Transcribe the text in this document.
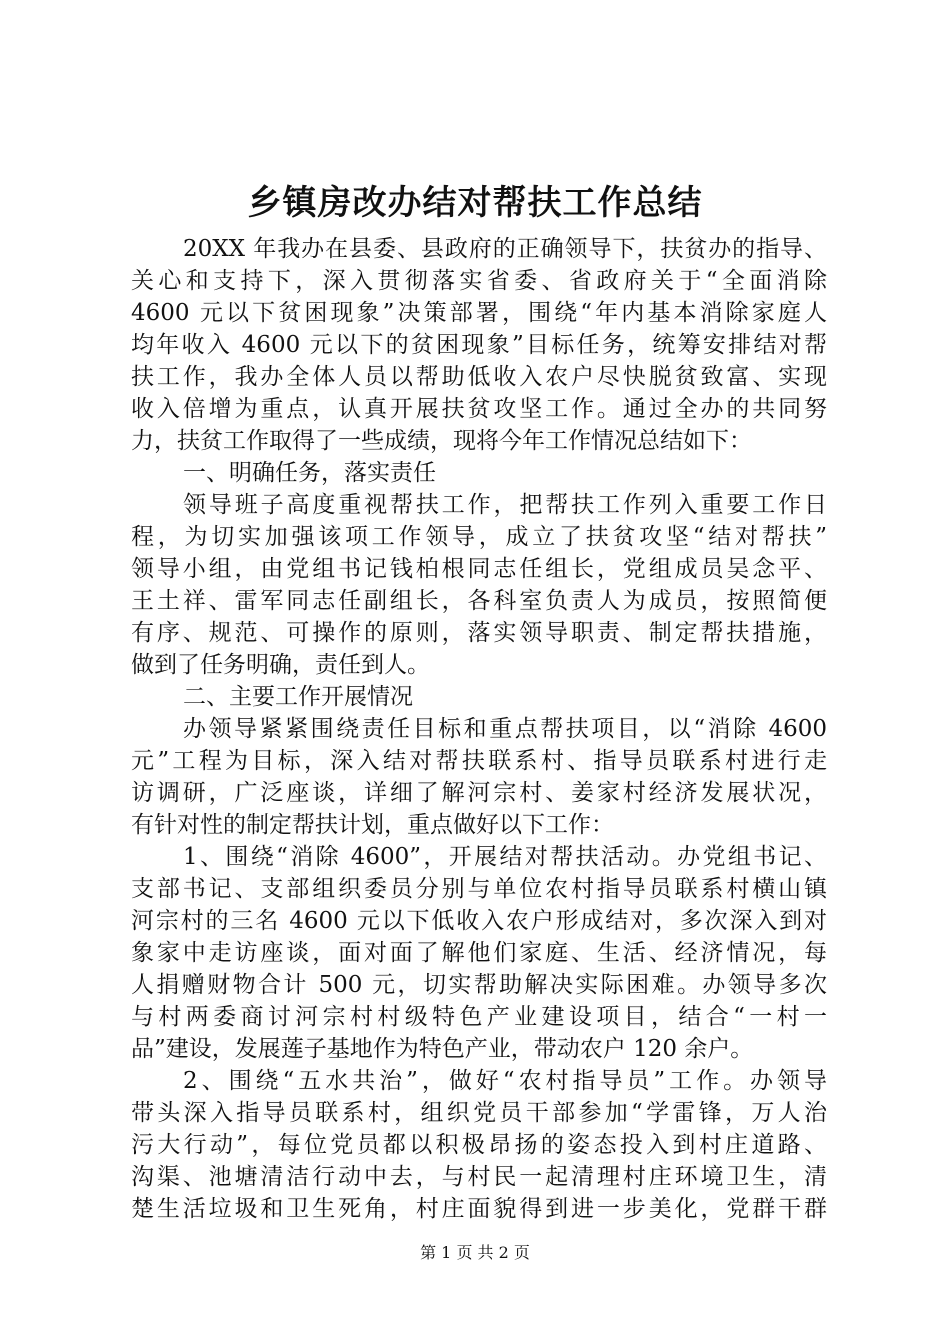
乡镇房改办结对帮扶工作总结
20XX 年我办在县委、县政府的正确领导下，扶贫办的指导、
关心和支持下，深入贯彻落实省委、省政府关于“全面消除
4600 元以下贫困现象”决策部署，围绕“年内基本消除家庭人
均年收入 4600 元以下的贫困现象”目标任务，统筹安排结对帮
扶工作，我办全体人员以帮助低收入农户尽快脱贫致富、实现
收入倍增为重点，认真开展扶贫攻坚工作。通过全办的共同努
力，扶贫工作取得了一些成绩，现将今年工作情况总结如下：
一、明确任务，落实责任
领导班子高度重视帮扶工作，把帮扶工作列入重要工作日
程，为切实加强该项工作领导，成立了扶贫攻坚“结对帮扶”
领导小组，由党组书记钱柏根同志任组长，党组成员吴念平、
王土祥、雷军同志任副组长，各科室负责人为成员，按照简便
有序、规范、可操作的原则，落实领导职责、制定帮扶措施，
做到了任务明确，责任到人。
二、主要工作开展情况
办领导紧紧围绕责任目标和重点帮扶项目，以“消除 4600
元”工程为目标，深入结对帮扶联系村、指导员联系村进行走
访调研，广泛座谈，详细了解河宗村、姜家村经济发展状况，
有针对性的制定帮扶计划，重点做好以下工作：
1、围绕“消除 4600”，开展结对帮扶活动。办党组书记、
支部书记、支部组织委员分别与单位农村指导员联系村横山镇
河宗村的三名 4600 元以下低收入农户形成结对，多次深入到对
象家中走访座谈，面对面了解他们家庭、生活、经济情况，每
人捐赠财物合计 500 元，切实帮助解决实际困难。办领导多次
与村两委商讨河宗村村级特色产业建设项目，结合“一村一
品”建设，发展莲子基地作为特色产业，带动农户 120 余户。
2、围绕“五水共治”，做好“农村指导员”工作。办领导
带头深入指导员联系村，组织党员干部参加“学雷锋，万人治
污大行动”，每位党员都以积极昂扬的姿态投入到村庄道路、
沟渠、池塘清洁行动中去，与村民一起清理村庄环境卫生，清
楚生活垃圾和卫生死角，村庄面貌得到进一步美化，党群干群
第 1 页 共 2 页
